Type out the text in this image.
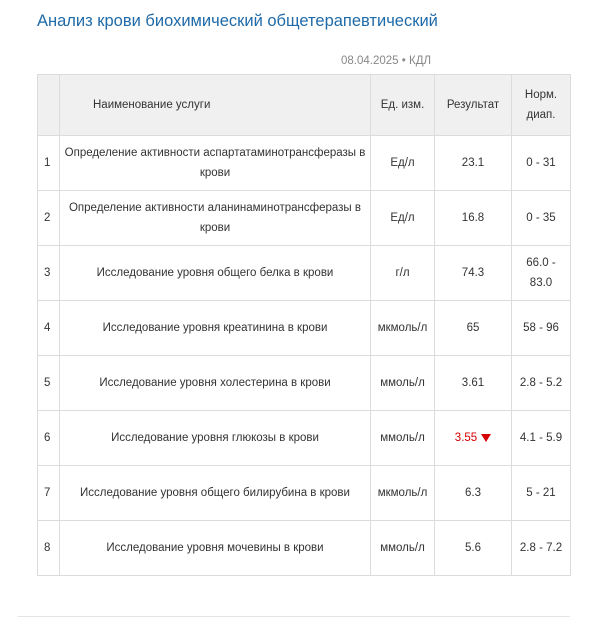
Анализ крови биохимический общетерапевтический
08.04.2025 • КДЛ
	Наименование услуги	Ед. изм.	Результат	Норм. диап.
1	Определение активности аспартатаминотрансферазы в крови	Ед/л	23.1	0 - 31
2	Определение активности аланинаминотрансферазы в крови	Ед/л	16.8	0 - 35
3	Исследование уровня общего белка в крови	г/л	74.3	66.0 - 83.0
4	Исследование уровня креатинина в крови	мкмоль/л	65	58 - 96
5	Исследование уровня холестерина в крови	ммоль/л	3.61	2.8 - 5.2
6	Исследование уровня глюкозы в крови	ммоль/л	3.55	4.1 - 5.9
7	Исследование уровня общего билирубина в крови	мкмоль/л	6.3	5 - 21
8	Исследование уровня мочевины в крови	ммоль/л	5.6	2.8 - 7.2
